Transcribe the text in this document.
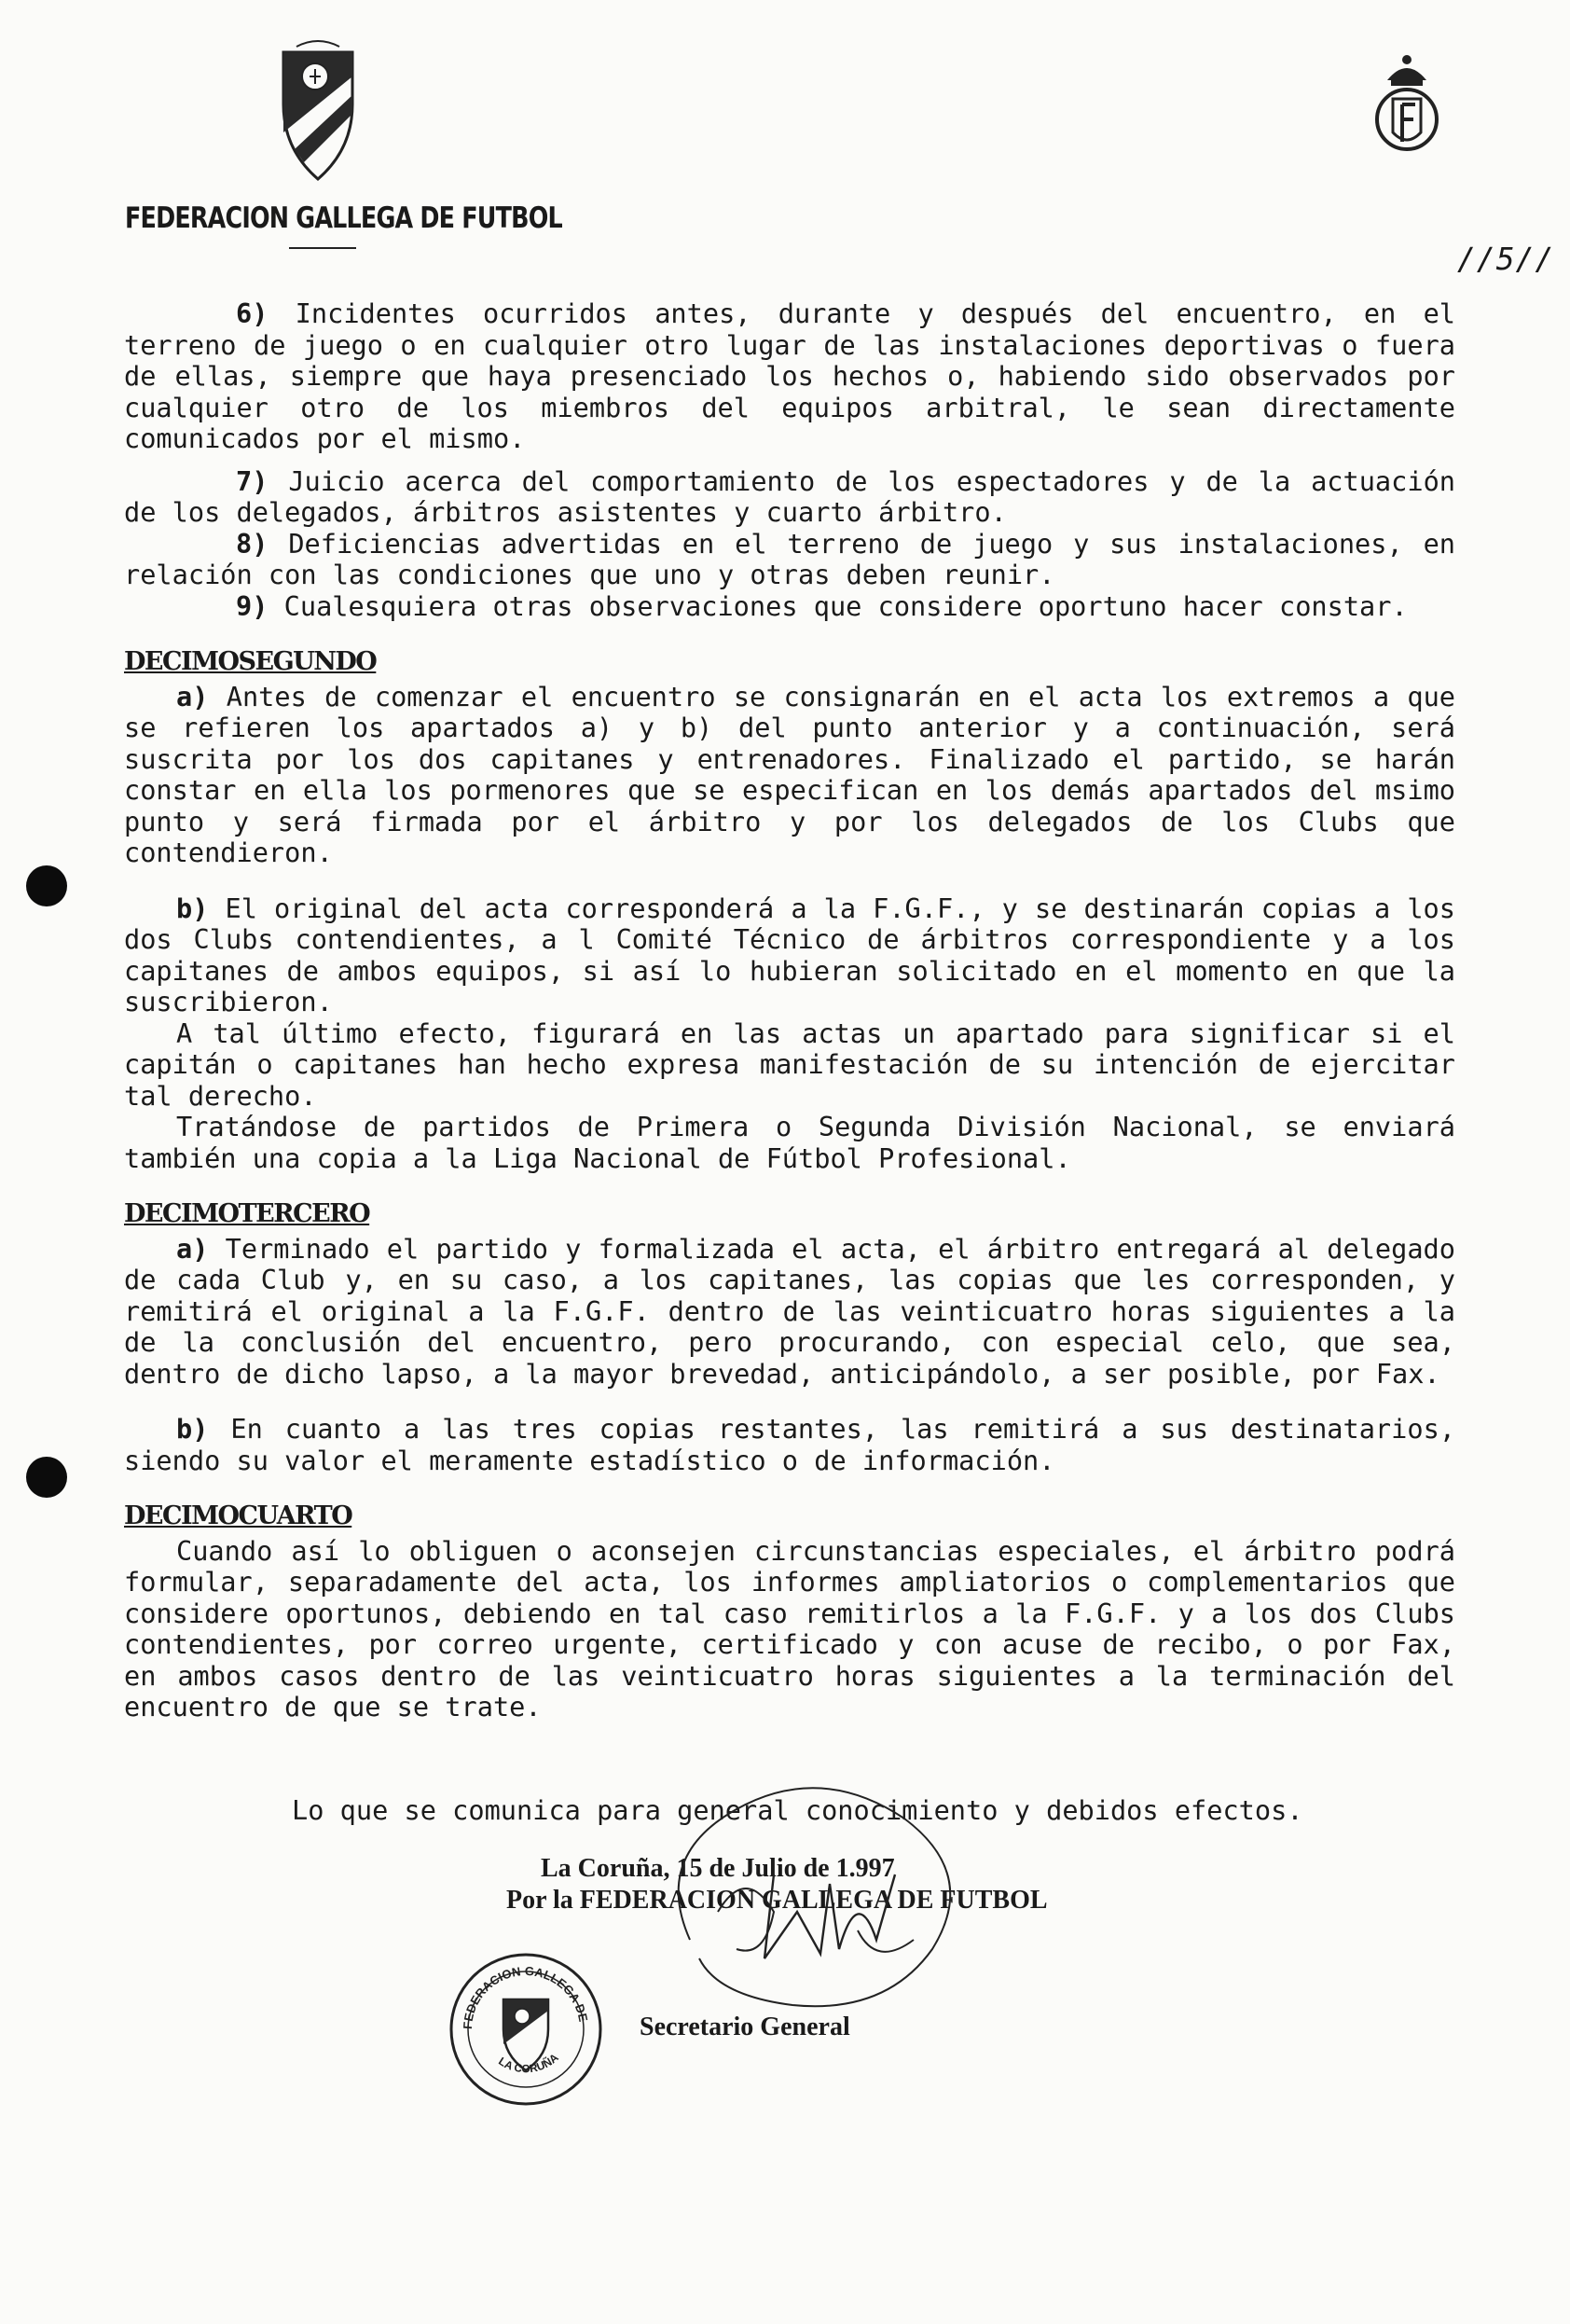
FEDERACION GALLEGA DE FUTBOL
//5//

6) Incidentes ocurridos antes, durante y después del encuentro, en el terreno de juego o en cualquier otro lugar de las instalaciones deportivas o fuera de ellas, siempre que haya presenciado los hechos o, habiendo sido observados por cualquier otro de los miembros del equipos arbitral, le sean directamente comunicados por el mismo.

7) Juicio acerca del comportamiento de los espectadores y de la actuación de los delegados, árbitros asistentes y cuarto árbitro.

8) Deficiencias advertidas en el terreno de juego y sus instalaciones, en relación con las condiciones que uno y otras deben reunir.

9) Cualesquiera otras observaciones que considere oportuno hacer constar.

DECIMOSEGUNDO

a) Antes de comenzar el encuentro se consignarán en el acta los extremos a que se refieren los apartados a) y b) del punto anterior y a continuación, será suscrita por los dos capitanes y entrenadores. Finalizado el partido, se harán constar en ella los pormenores que se especifican en los demás apartados del msimo punto y será firmada por el árbitro y por los delegados de los Clubs que contendieron.

b) El original del acta corresponderá a la F.G.F., y se destinarán copias a los dos Clubs contendientes, a l Comité Técnico de árbitros correspondiente y a los capitanes de ambos equipos, si así lo hubieran solicitado en el momento en que la suscribieron.

A tal último efecto, figurará en las actas un apartado para significar si el capitán o capitanes han hecho expresa manifestación de su intención de ejercitar tal derecho.

Tratándose de partidos de Primera o Segunda División Nacional, se enviará también una copia a la Liga Nacional de Fútbol Profesional.

DECIMOTERCERO

a) Terminado el partido y formalizada el acta, el árbitro entregará al delegado de cada Club y, en su caso, a los capitanes, las copias que les corresponden, y remitirá el original a la F.G.F. dentro de las veinticuatro horas siguientes a la de la conclusión del encuentro, pero procurando, con especial celo, que sea, dentro de dicho lapso, a la mayor brevedad, anticipándolo, a ser posible, por Fax.

b) En cuanto a las tres copias restantes, las remitirá a sus destinatarios, siendo su valor el meramente estadístico o de información.

DECIMOCUARTO

Cuando así lo obliguen o aconsejen circunstancias especiales, el árbitro podrá formular, separadamente del acta, los informes ampliatorios o complementarios que considere oportunos, debiendo en tal caso remitirlos a la F.G.F. y a los dos Clubs contendientes, por correo urgente, certificado y con acuse de recibo, o por Fax, en ambos casos dentro de las veinticuatro horas siguientes a la terminación del encuentro de que se trate.

Lo que se comunica para general conocimiento y debidos efectos.
La Coruña, 15 de Julio de 1.997
Por la FEDERACION GALLEGA DE FUTBOL
Secretario General
FEDERACION GALLEGA DE
LA CORUÑA
